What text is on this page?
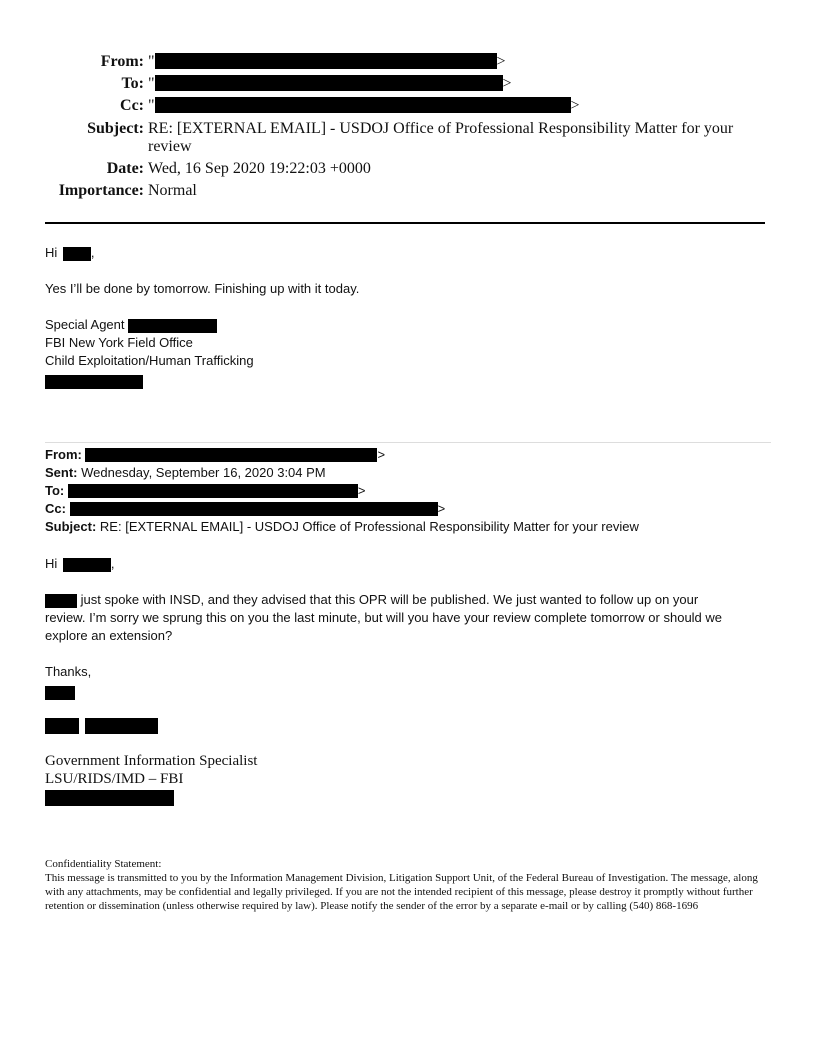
From: "	>
To: "	>
Cc: "	>
Subject: RE: [EXTERNAL EMAIL] - USDOJ Office of Professional Responsibility Matter for your review
Date: Wed, 16 Sep 2020 19:22:03 +0000
Importance: Normal
Hi	,
Yes I’ll be done by tomorrow. Finishing up with it today.
Special Agent
FBI New York Field Office
Child Exploitation/Human Trafficking
From:	>
Sent: Wednesday, September 16, 2020 3:04 PM
To:	>
Cc:	>
Subject: RE: [EXTERNAL EMAIL] - USDOJ Office of Professional Responsibility Matter for your review
Hi	,
just spoke with INSD, and they advised that this OPR will be published. We just wanted to follow up on your
review. I’m sorry we sprung this on you the last minute, but will you have your review complete tomorrow or should we
explore an extension?
Thanks,

Government Information Specialist
LSU/RIDS/IMD – FBI
Confidentiality Statement:
This message is transmitted to you by the Information Management Division, Litigation Support Unit, of the Federal Bureau of Investigation. The message, along with any attachments, may be confidential and legally privileged. If you are not the intended recipient of this message, please destroy it promptly without further retention or dissemination (unless otherwise required by law). Please notify the sender of the error by a separate e-mail or by calling (540) 868-1696
